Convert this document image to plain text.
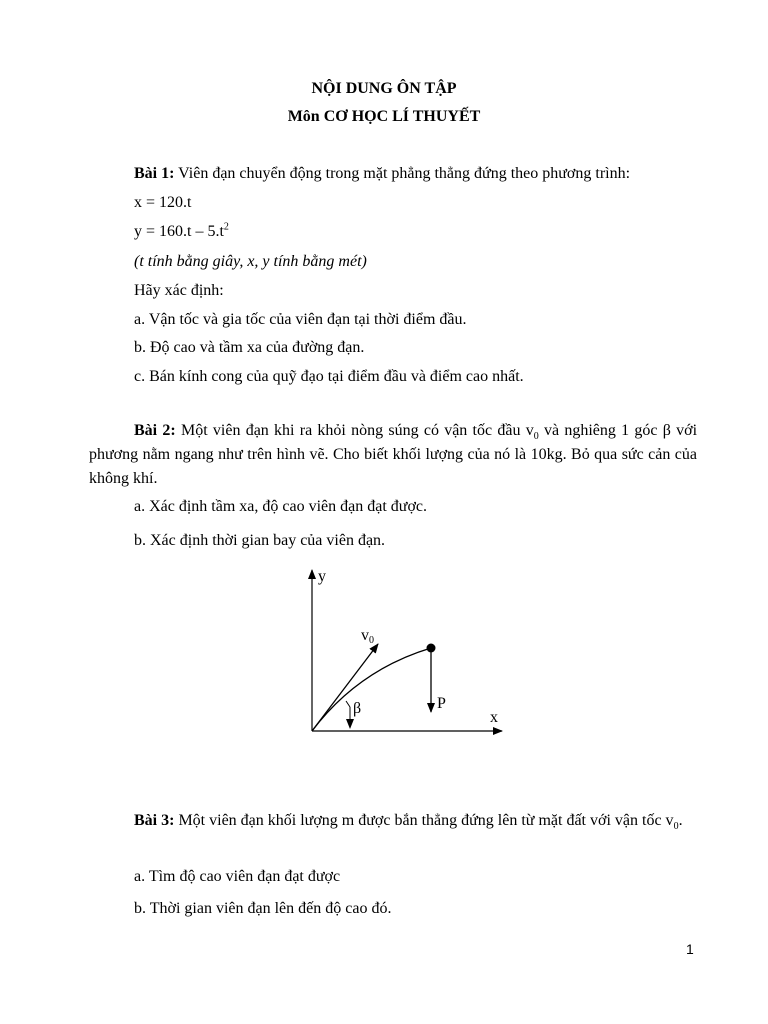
NỘI DUNG ÔN TẬP
Môn CƠ HỌC LÍ THUYẾT
Bài 1: Viên đạn chuyển động trong mặt phẳng thẳng đứng theo phương trình:
x = 120.t
$y = 160.t - 5.t^2$
(t tính bằng giây, x, y tính bằng mét)
Hãy xác định:
a. Vận tốc và gia tốc của viên đạn tại thời điểm đầu.
b. Độ cao và tầm xa của đường đạn.
c. Bán kính cong của quỹ đạo tại điểm đầu và điểm cao nhất.
Bài 2: Một viên đạn khi ra khỏi nòng súng có vận tốc đầu $v_0$ và nghiêng 1 góc β với phương nằm ngang như trên hình vẽ. Cho biết khối lượng của nó là 10kg. Bỏ qua sức cản của không khí.
a. Xác định tầm xa, độ cao viên đạn đạt được.
b. Xác định thời gian bay của viên đạn.
y
x
v0
P
β
Bài 3: Một viên đạn khối lượng m được bắn thẳng đứng lên từ mặt đất với vận tốc $v_0$.
a. Tìm độ cao viên đạn đạt được
b. Thời gian viên đạn lên đến độ cao đó.
1
